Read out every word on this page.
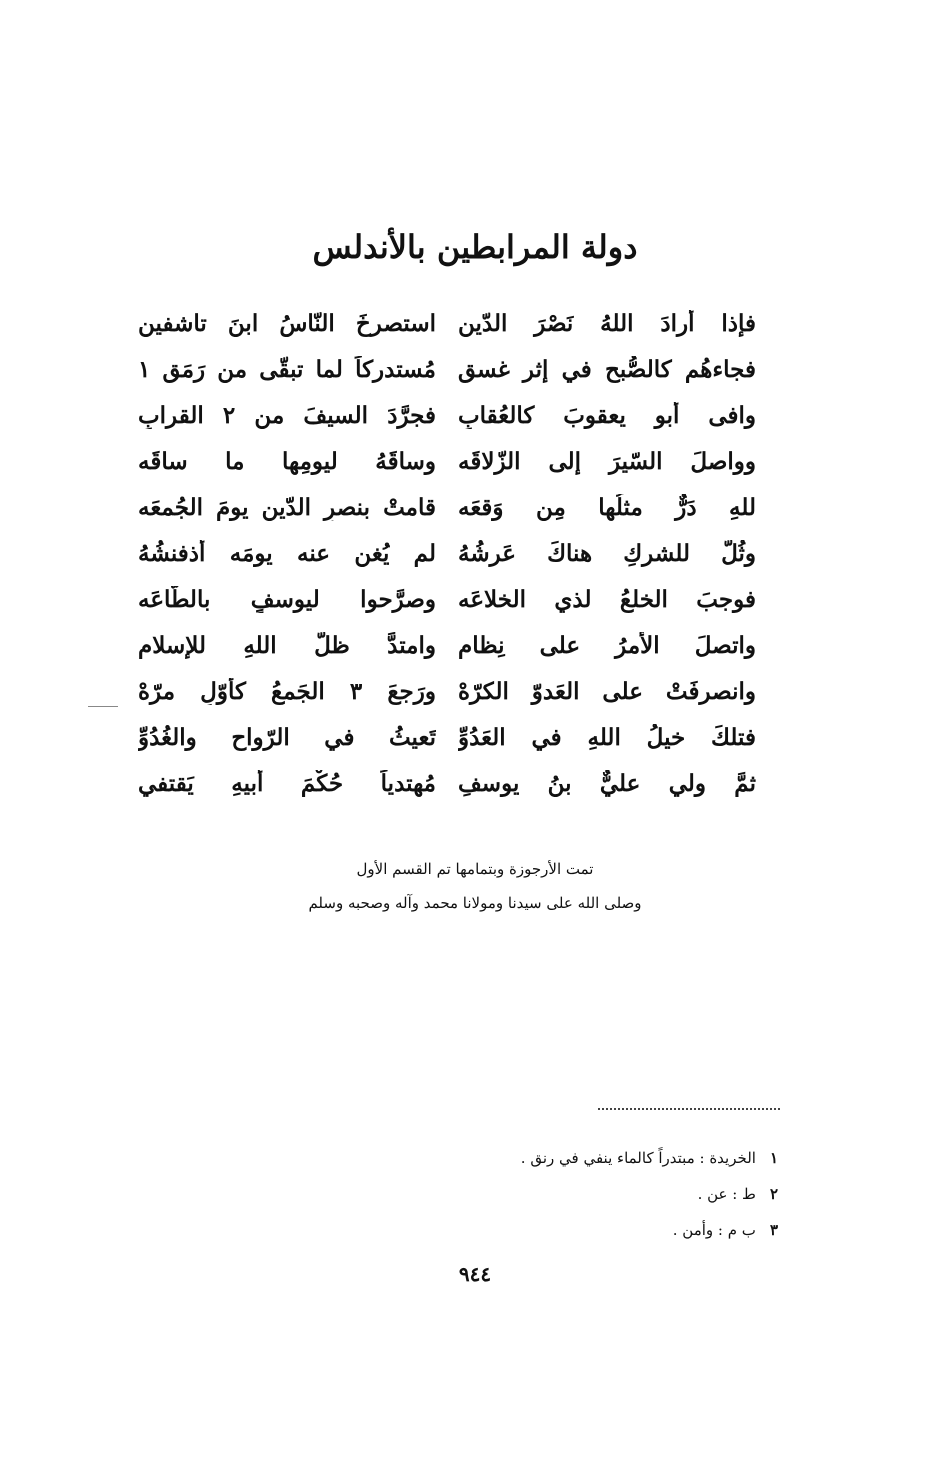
دولة المرابطين بالأندلس
فإذا أرادَ اللهُ نَصْرَ الدّينِ
استصرخَ النّاسُ ابنَ تاشفينِ
فجاءهُم كالصُّبحِ في إثر غسق
مُستدركاً لما تبقّى من رَمَق ١
وافى أبو يعقوبَ كالعُقابِ
فجرَّدَ السيفَ من ٢ القرابِ
وواصلَ السّيرَ إلى الزّلاقَه
وساقَهُ ليومِها ما ساقَه
للهِ دَرٌّ مثلُها مِن وَقعَه
قامتْ بنصرِ الدّينِ يومَ الجُمعَه
وثُلَّ للشركِ هناكَ عَرشُهُ
لم يُغنِ عنه يومَه أذفنشُهُ
فوجبَ الخلعُ لذي الخلاعَه
وصرَّحوا ليوسفٍ بالطّاعَه
واتصلَ الأمرُ على نِظامِ
وامتدَّ ظلُّ اللهِ للإسلامِ
وانصرفَتْ على العَدوّ الكرّهْ
ورَجعَ ٣ الجَمعُ كأوّلِ مرّهْ
فتلكَ خيلُ اللهِ في العَدُوِّ
تَعيثُ في الرّواحِ والغُدُوِّ
ثمَّ ولي عليٌّ بنُ يوسفِ
مُهتدياً حُكْمَ أبيهِ يَقتفي
تمت الأرجوزة وبتمامها تم القسم الأول
وصلى الله على سيدنا ومولانا محمد وآله وصحبه وسلم
١الخريدة : مبتدراً كالماء ينفي في رنق .
٢ط : عن .
٣ب م : وأمن .
٩٤٤
